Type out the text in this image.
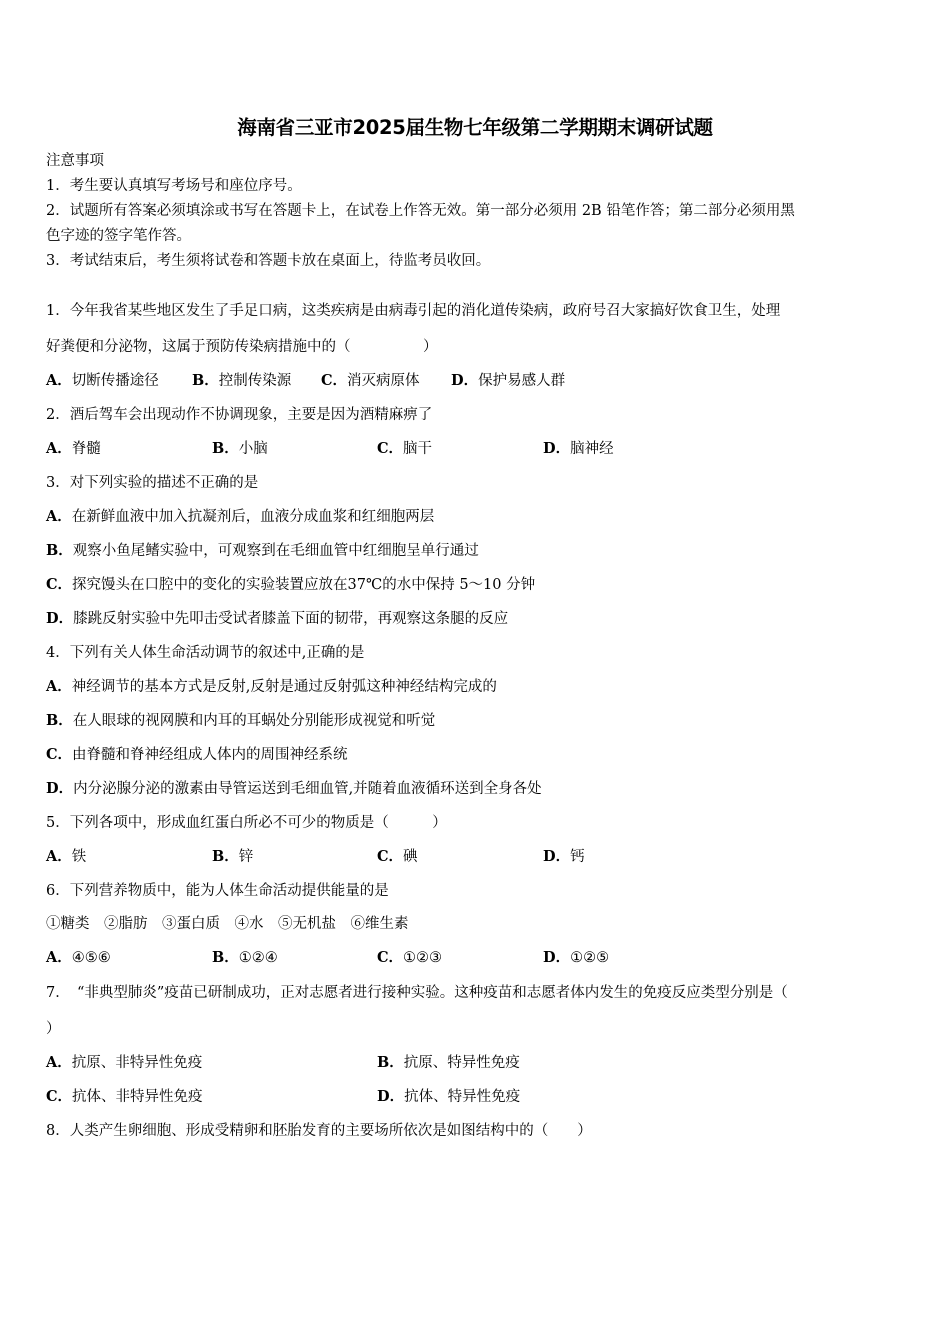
海南省三亚市2025届生物七年级第二学期期末调研试题
注意事项
1．考生要认真填写考场号和座位序号。
2．试题所有答案必须填涂或书写在答题卡上，在试卷上作答无效。第一部分必须用 2B 铅笔作答；第二部分必须用黑
色字迹的签字笔作答。
3．考试结束后，考生须将试卷和答题卡放在桌面上，待监考员收回。
1．今年我省某些地区发生了手足口病，这类疾病是由病毒引起的消化道传染病，政府号召大家搞好饮食卫生，处理
好粪便和分泌物，这属于预防传染病措施中的（　　　　　）
A．切断传播途径 B．控制传染源 C．消灭病原体 D．保护易感人群
2．酒后驾车会出现动作不协调现象，主要是因为酒精麻痹了
A．脊髓	B．小脑	C．脑干	D．脑神经
3．对下列实验的描述不正确的是
A．在新鲜血液中加入抗凝剂后，血液分成血浆和红细胞两层
B．观察小鱼尾鳍实验中，可观察到在毛细血管中红细胞呈单行通过
C．探究馒头在口腔中的变化的实验装置应放在37℃的水中保持 5～10 分钟
D．膝跳反射实验中先叩击受试者膝盖下面的韧带，再观察这条腿的反应
4．下列有关人体生命活动调节的叙述中,正确的是
A．神经调节的基本方式是反射,反射是通过反射弧这种神经结构完成的
B．在人眼球的视网膜和内耳的耳蜗处分别能形成视觉和听觉
C．由脊髓和脊神经组成人体内的周围神经系统
D．内分泌腺分泌的激素由导管运送到毛细血管,并随着血液循环送到全身各处
5．下列各项中，形成血红蛋白所必不可少的物质是（　　　）
A．铁	B．锌	C．碘	D．钙
6．下列营养物质中，能为人体生命活动提供能量的是
①糖类　②脂肪　③蛋白质　④水　⑤无机盐　⑥维生素
A．④⑤⑥	B．①②④	C．①②③	D．①②⑤
7．　“非典型肺炎”疫苗已研制成功，正对志愿者进行接种实验。这种疫苗和志愿者体内发生的免疫反应类型分别是（
）
A．抗原、非特异性免疫	B．抗原、特异性免疫
C．抗体、非特异性免疫	D．抗体、特异性免疫
8．人类产生卵细胞、形成受精卵和胚胎发育的主要场所依次是如图结构中的（　　）
